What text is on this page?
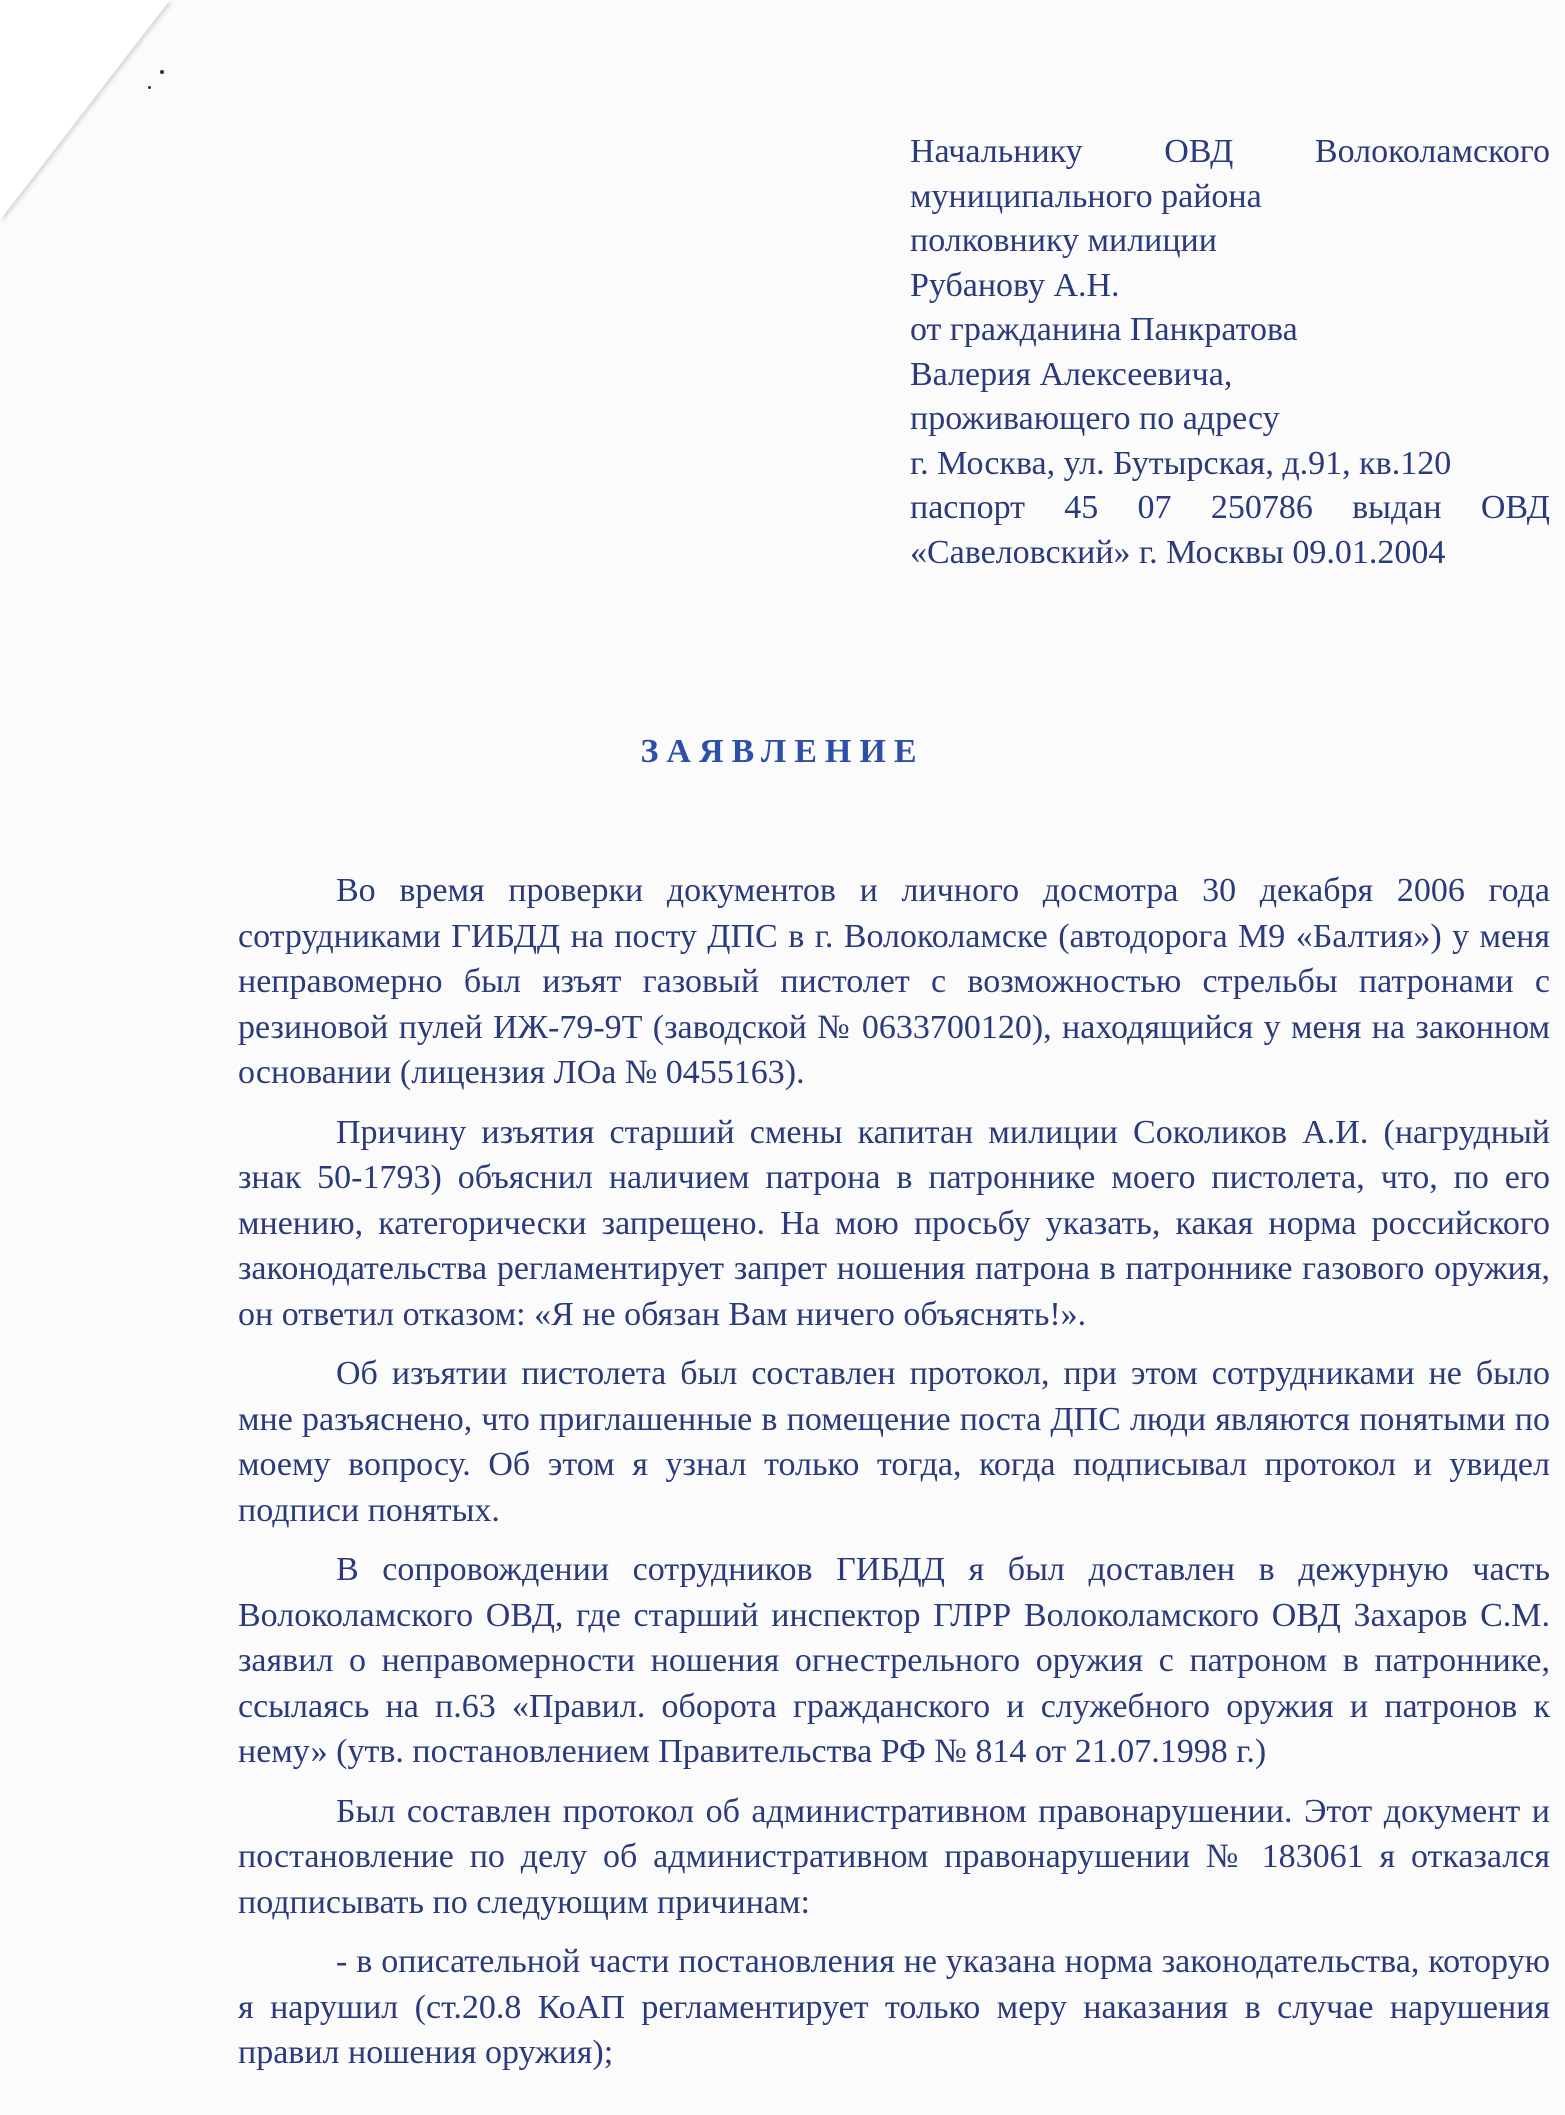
Начальнику ОВД Волоколамского
муниципального района
полковнику милиции
Рубанову А.Н.
от гражданина Панкратова
Валерия Алексеевича,
проживающего по адресу
г. Москва, ул. Бутырская, д.91, кв.120
паспорт 45 07 250786 выдан ОВД
«Савеловский» г. Москвы 09.01.2004
ЗАЯВЛЕНИЕ

Во время проверки документов и личного досмотра 30 декабря 2006 года сотрудниками ГИБДД на посту ДПС в г. Волоколамске (автодорога М9 «Балтия») у меня неправомерно был изъят газовый пистолет с возможностью стрельбы патронами с резиновой пулей ИЖ-79-9Т (заводской № 0633700120), находящийся у меня на законном основании (лицензия ЛОа № 0455163).

Причину изъятия старший смены капитан милиции Соколиков А.И. (нагрудный знак 50-1793) объяснил наличием патрона в патроннике моего пистолета, что, по его мнению, категорически запрещено. На мою просьбу указать, какая норма российского законодательства регламентирует запрет ношения патрона в патроннике газового оружия, он ответил отказом: «Я не обязан Вам ничего объяснять!».

Об изъятии пистолета был составлен протокол, при этом сотрудниками не было мне разъяснено, что приглашенные в помещение поста ДПС люди являются понятыми по моему вопросу. Об этом я узнал только тогда, когда подписывал протокол и увидел подписи понятых.

В сопровождении сотрудников ГИБДД я был доставлен в дежурную часть Волоколамского ОВД, где старший инспектор ГЛРР Волоколамского ОВД Захаров С.М. заявил о неправомерности ношения огнестрельного оружия с патроном в патроннике, ссылаясь на п.63 «Правил. оборота гражданского и служебного оружия и патронов к нему» (утв. постановлением Правительства РФ № 814 от 21.07.1998 г.)

Был составлен протокол об административном правонарушении. Этот документ и постановление по делу об административном правонарушении № 183061 я отказался подписывать по следующим причинам:

- в описательной части постановления не указана норма законодательства, которую я нарушил (ст.20.8 КоАП регламентирует только меру наказания в случае нарушения правил ношения оружия);
